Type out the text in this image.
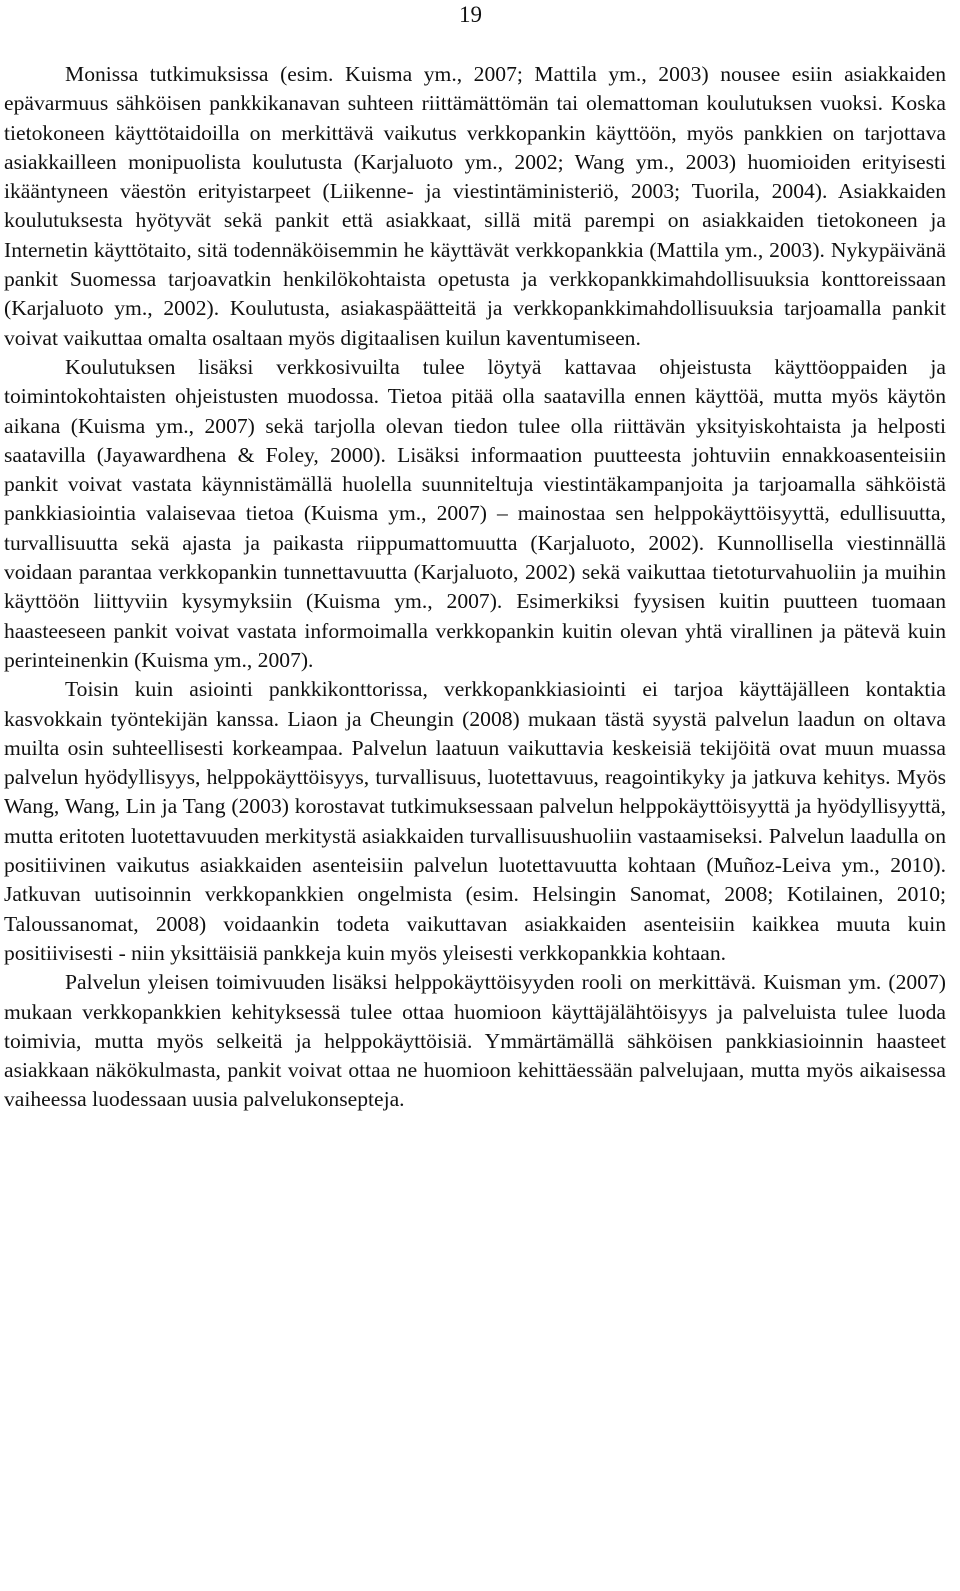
19

Monissa tutkimuksissa (esim. Kuisma ym., 2007; Mattila ym., 2003) nousee esiin asiakkaiden epävarmuus sähköisen pankkikanavan suhteen riittämättömän tai olemattoman koulutuksen vuoksi. Koska tietokoneen käyttötaidoilla on merkittävä vaikutus verkkopankin käyttöön, myös pankkien on tarjottava asiakkailleen monipuolista koulutusta (Karjaluoto ym., 2002; Wang ym., 2003) huomioiden erityisesti ikääntyneen väestön erityistarpeet (Liikenne- ja viestintäministeriö, 2003; Tuorila, 2004). Asiakkaiden koulutuksesta hyötyvät sekä pankit että asiakkaat, sillä mitä parempi on asiakkaiden tietokoneen ja Internetin käyttötaito, sitä todennäköisemmin he käyttävät verkkopankkia (Mattila ym., 2003). Nykypäivänä pankit Suomessa tarjoavatkin henkilökohtaista opetusta ja verkkopankkimahdollisuuksia konttoreissaan (Karjaluoto ym., 2002). Koulutusta, asiakaspäätteitä ja verkkopankkimahdollisuuksia tarjoamalla pankit voivat vaikuttaa omalta osaltaan myös digitaalisen kuilun kaventumiseen.

Koulutuksen lisäksi verkkosivuilta tulee löytyä kattavaa ohjeistusta käyttöoppaiden ja toimintokohtaisten ohjeistusten muodossa. Tietoa pitää olla saatavilla ennen käyttöä, mutta myös käytön aikana (Kuisma ym., 2007) sekä tarjolla olevan tiedon tulee olla riittävän yksityiskohtaista ja helposti saatavilla (Jayawardhena & Foley, 2000). Lisäksi informaation puutteesta johtuviin ennakkoasenteisiin pankit voivat vastata käynnistämällä huolella suunniteltuja viestintäkampanjoita ja tarjoamalla sähköistä pankkiasiointia valaisevaa tietoa (Kuisma ym., 2007) – mainostaa sen helppokäyttöisyyttä, edullisuutta, turvallisuutta sekä ajasta ja paikasta riippumattomuutta (Karjaluoto, 2002). Kunnollisella viestinnällä voidaan parantaa verkkopankin tunnettavuutta (Karjaluoto, 2002) sekä vaikuttaa tietoturvahuoliin ja muihin käyttöön liittyviin kysymyksiin (Kuisma ym., 2007). Esimerkiksi fyysisen kuitin puutteen tuomaan haasteeseen pankit voivat vastata informoimalla verkkopankin kuitin olevan yhtä virallinen ja pätevä kuin perinteinenkin (Kuisma ym., 2007).

Toisin kuin asiointi pankkikonttorissa, verkkopankkiasiointi ei tarjoa käyttäjälleen kontaktia kasvokkain työntekijän kanssa. Liaon ja Cheungin (2008) mukaan tästä syystä palvelun laadun on oltava muilta osin suhteellisesti korkeampaa. Palvelun laatuun vaikuttavia keskeisiä tekijöitä ovat muun muassa palvelun hyödyllisyys, helppokäyttöisyys, turvallisuus, luotettavuus, reagointikyky ja jatkuva kehitys. Myös Wang, Wang, Lin ja Tang (2003) korostavat tutkimuksessaan palvelun helppokäyttöisyyttä ja hyödyllisyyttä, mutta eritoten luotettavuuden merkitystä asiakkaiden turvallisuushuoliin vastaamiseksi. Palvelun laadulla on positiivinen vaikutus asiakkaiden asenteisiin palvelun luotettavuutta kohtaan (Muñoz-Leiva ym., 2010). Jatkuvan uutisoinnin verkkopankkien ongelmista (esim. Helsingin Sanomat, 2008; Kotilainen, 2010; Taloussanomat, 2008) voidaankin todeta vaikuttavan asiakkaiden asenteisiin kaikkea muuta kuin positiivisesti - niin yksittäisiä pankkeja kuin myös yleisesti verkkopankkia kohtaan.

Palvelun yleisen toimivuuden lisäksi helppokäyttöisyyden rooli on merkittävä. Kuisman ym. (2007) mukaan verkkopankkien kehityksessä tulee ottaa huomioon käyttäjälähtöisyys ja palveluista tulee luoda toimivia, mutta myös selkeitä ja helppokäyttöisiä. Ymmärtämällä sähköisen pankkiasioinnin haasteet asiakkaan näkökulmasta, pankit voivat ottaa ne huomioon kehittäessään palvelujaan, mutta myös aikaisessa vaiheessa luodessaan uusia palvelukonsepteja.
